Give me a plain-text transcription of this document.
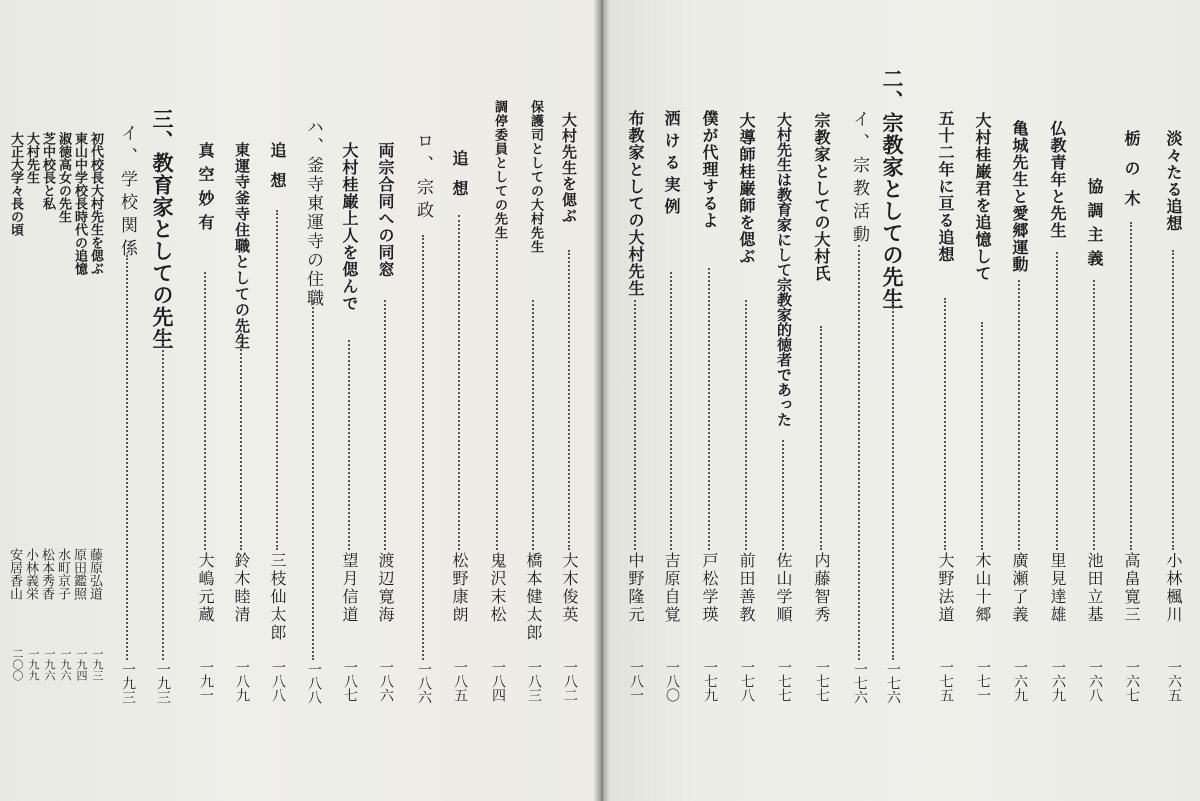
淡々たる追想
小林楓川
一六五
栃の木
高畠寛三
一六七
協調主義
池田立基
一六八
仏教青年と先生
里見達雄
一六九
亀城先生と愛郷運動
廣瀬了義
一六九
大村桂巌君を追憶して
木山十郷
一七一
五十二年に亘る追想
大野法道
一七五
二、宗教家としての先生
一七六
イ、宗教活動
一七六
宗教家としての大村氏
内藤智秀
一七七
大村先生は教育家にして宗教家的徳者であった
佐山学順
一七七
大導師桂巌師を偲ぶ
前田善教
一七八
僕が代理するよ
戸松学瑛
一七九
洒ける実例
吉原自覚
一八〇
布教家としての大村先生
中野隆元
一八一
大村先生を偲ぶ
大木俊英
一八二
保護司としての大村先生
橋本健太郎
一八三
調停委員としての先生
鬼沢末松
一八四
追想
松野康朗
一八五
ロ、宗政
一八六
両宗合同への同窓
渡辺寛海
一八六
大村桂巌上人を偲んで
望月信道
一八七
ハ、釜寺東運寺の住職
一八八
追想
三枝仙太郎
一八八
東運寺釜寺住職としての先生
鈴木睦清
一八九
真空妙有
大嶋元蔵
一九一
三、教育家としての先生
一九三
イ、学校関係
一九三
初代校長大村先生を偲ぶ
藤原弘道
一九三
東山中学校長時代の追憶
原田鑑照
一九四
淑徳高女の先生
水町京子
一九六
芝中校長と私
松本秀香
一九六
大村先生
小林義栄
一九九
大正大学々長の頃
安居香山
二〇〇
